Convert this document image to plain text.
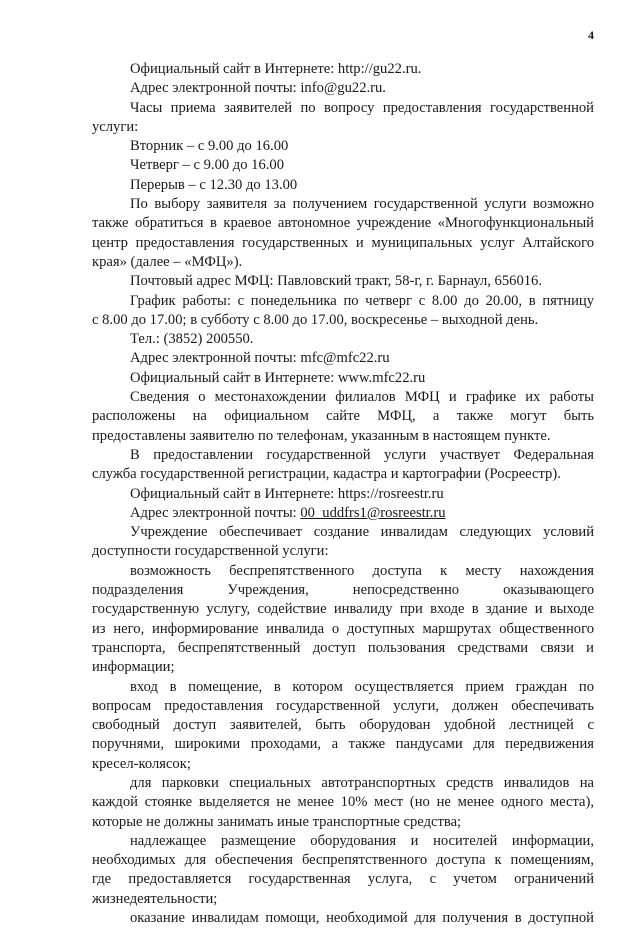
4

Официальный сайт в Интернете: http://gu22.ru.

Адрес электронной почты: info@gu22.ru.

Часы приема заявителей по вопросу предоставления государственной

услуги:

Вторник – с 9.00 до 16.00

Четверг – с 9.00 до 16.00

Перерыв – с 12.30 до 13.00

По выбору заявителя за получением государственной услуги возможно

также обратиться в краевое автономное учреждение «Многофункциональный

центр предоставления государственных и муниципальных услуг Алтайского

края» (далее – «МФЦ»).

Почтовый адрес МФЦ: Павловский тракт, 58-г, г. Барнаул, 656016.

График работы: с понедельника по четверг с 8.00 до 20.00, в пятницу

с 8.00 до 17.00; в субботу с 8.00 до 17.00, воскресенье – выходной день.

Тел.: (3852) 200550.

Адрес электронной почты: mfc@mfc22.ru

Официальный сайт в Интернете: www.mfc22.ru

Сведения о местонахождении филиалов МФЦ и графике их работы

расположены на официальном сайте МФЦ, а также могут быть

предоставлены заявителю по телефонам, указанным в настоящем пункте.

В предоставлении государственной услуги участвует Федеральная

служба государственной регистрации, кадастра и картографии (Росреестр).

Официальный сайт в Интернете: https://rosreestr.ru

Адрес электронной почты: 00_uddfrs1@rosreestr.ru

Учреждение обеспечивает создание инвалидам следующих условий

доступности государственной услуги:

возможность беспрепятственного доступа к месту нахождения

подразделения Учреждения, непосредственно оказывающего

государственную услугу, содействие инвалиду при входе в здание и выходе

из него, информирование инвалида о доступных маршрутах общественного

транспорта, беспрепятственный доступ пользования средствами связи и

информации;

вход в помещение, в котором осуществляется прием граждан по

вопросам предоставления государственной услуги, должен обеспечивать

свободный доступ заявителей, быть оборудован удобной лестницей с

поручнями, широкими проходами, а также пандусами для передвижения

кресел-колясок;

для парковки специальных автотранспортных средств инвалидов на

каждой стоянке выделяется не менее 10% мест (но не менее одного места),

которые не должны занимать иные транспортные средства;

надлежащее размещение оборудования и носителей информации,

необходимых для обеспечения беспрепятственного доступа к помещениям,

где предоставляется государственная услуга, с учетом ограничений

жизнедеятельности;

оказание инвалидам помощи, необходимой для получения в доступной
